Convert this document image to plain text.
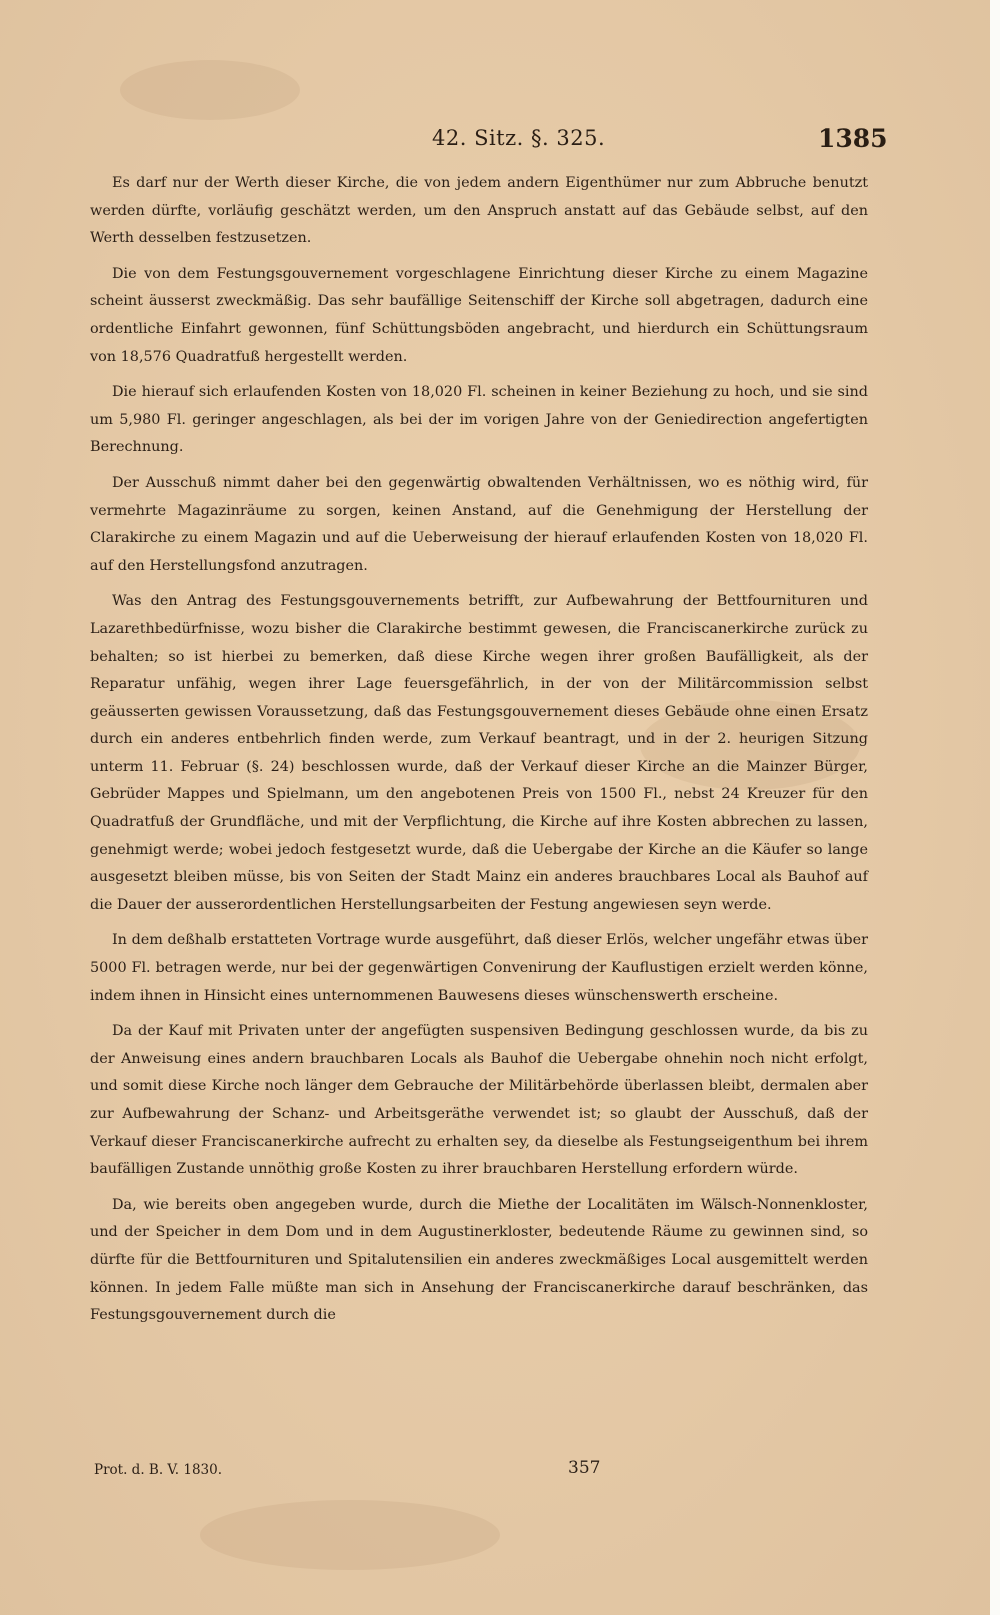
42. Sitz. §. 325.	1385

Es darf nur der Werth dieser Kirche, die von jedem andern Eigenthümer nur zum Abbruche benutzt werden dürfte, vorläufig geschätzt werden, um den Anspruch anstatt auf das Gebäude selbst, auf den Werth desselben festzusetzen.

Die von dem Festungsgouvernement vorgeschlagene Einrichtung dieser Kirche zu einem Magazine scheint äusserst zweckmäßig. Das sehr baufällige Seitenschiff der Kirche soll abgetragen, dadurch eine ordentliche Einfahrt gewonnen, fünf Schüttungsböden angebracht, und hierdurch ein Schüttungsraum von 18,576 Quadratfuß hergestellt werden.

Die hierauf sich erlaufenden Kosten von 18,020 Fl. scheinen in keiner Beziehung zu hoch, und sie sind um 5,980 Fl. geringer angeschlagen, als bei der im vorigen Jahre von der Geniedirection angefertigten Berechnung.

Der Ausschuß nimmt daher bei den gegenwärtig obwaltenden Verhältnissen, wo es nöthig wird, für vermehrte Magazinräume zu sorgen, keinen Anstand, auf die Genehmigung der Herstellung der Clarakirche zu einem Magazin und auf die Ueberweisung der hierauf erlaufenden Kosten von 18,020 Fl. auf den Herstellungsfond anzutragen.

Was den Antrag des Festungsgouvernements betrifft, zur Aufbewahrung der Bettfournituren und Lazarethbedürfnisse, wozu bisher die Clarakirche bestimmt gewesen, die Franciscanerkirche zurück zu behalten; so ist hierbei zu bemerken, daß diese Kirche wegen ihrer großen Baufälligkeit, als der Reparatur unfähig, wegen ihrer Lage feuersgefährlich, in der von der Militärcommission selbst geäusserten gewissen Voraussetzung, daß das Festungsgouvernement dieses Gebäude ohne einen Ersatz durch ein anderes entbehrlich finden werde, zum Verkauf beantragt, und in der 2. heurigen Sitzung unterm 11. Februar (§. 24) beschlossen wurde, daß der Verkauf dieser Kirche an die Mainzer Bürger, Gebrüder Mappes und Spielmann, um den angebotenen Preis von 1500 Fl., nebst 24 Kreuzer für den Quadratfuß der Grundfläche, und mit der Verpflichtung, die Kirche auf ihre Kosten abbrechen zu lassen, genehmigt werde; wobei jedoch festgesetzt wurde, daß die Uebergabe der Kirche an die Käufer so lange ausgesetzt bleiben müsse, bis von Seiten der Stadt Mainz ein anderes brauchbares Local als Bauhof auf die Dauer der ausserordentlichen Herstellungsarbeiten der Festung angewiesen seyn werde.

In dem deßhalb erstatteten Vortrage wurde ausgeführt, daß dieser Erlös, welcher ungefähr etwas über 5000 Fl. betragen werde, nur bei der gegenwärtigen Convenirung der Kauflustigen erzielt werden könne, indem ihnen in Hinsicht eines unternommenen Bauwesens dieses wünschenswerth erscheine.

Da der Kauf mit Privaten unter der angefügten suspensiven Bedingung geschlossen wurde, da bis zu der Anweisung eines andern brauchbaren Locals als Bauhof die Uebergabe ohnehin noch nicht erfolgt, und somit diese Kirche noch länger dem Gebrauche der Militärbehörde überlassen bleibt, dermalen aber zur Aufbewahrung der Schanz- und Arbeitsgeräthe verwendet ist; so glaubt der Ausschuß, daß der Verkauf dieser Franciscanerkirche aufrecht zu erhalten sey, da dieselbe als Festungseigenthum bei ihrem baufälligen Zustande unnöthig große Kosten zu ihrer brauchbaren Herstellung erfordern würde.

Da, wie bereits oben angegeben wurde, durch die Miethe der Localitäten im Wälsch-Nonnenkloster, und der Speicher in dem Dom und in dem Augustinerkloster, bedeutende Räume zu gewinnen sind, so dürfte für die Bettfournituren und Spitalutensilien ein anderes zweckmäßiges Local ausgemittelt werden können. In jedem Falle müßte man sich in Ansehung der Franciscanerkirche darauf beschränken, das Festungsgouvernement durch die

Prot. d. B. V. 1830.	357
